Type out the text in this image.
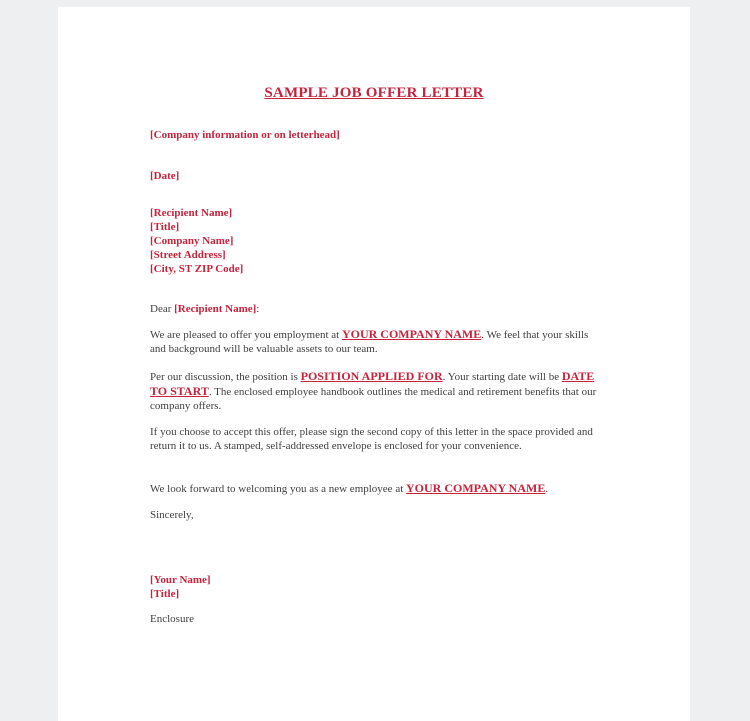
SAMPLE JOB OFFER LETTER
[Company information or on letterhead]
[Date]
[Recipient Name]
[Title]
[Company Name]
[Street Address]
[City, ST ZIP Code]
Dear [Recipient Name]:
We are pleased to offer you employment at YOUR COMPANY NAME. We feel that your skills and background will be valuable assets to our team.
Per our discussion, the position is POSITION APPLIED FOR. Your starting date will be DATE TO START. The enclosed employee handbook outlines the medical and retirement benefits that our company offers.
If you choose to accept this offer, please sign the second copy of this letter in the space provided and return it to us. A stamped, self-addressed envelope is enclosed for your convenience.
We look forward to welcoming you as a new employee at YOUR COMPANY NAME.
Sincerely,
[Your Name]
[Title]
Enclosure
